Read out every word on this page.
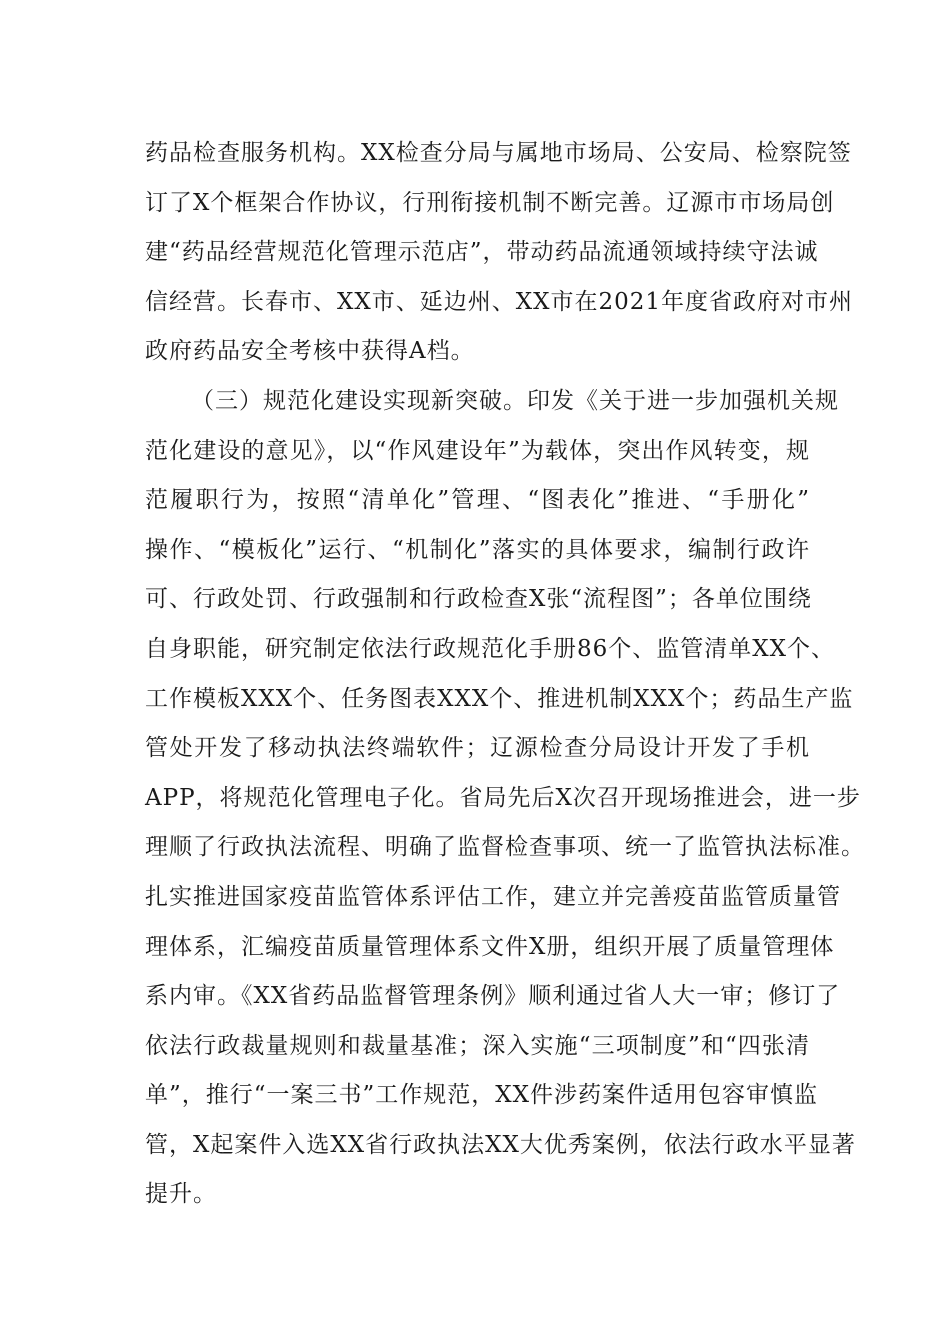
药品检查服务机构。XX检查分局与属地市场局、公安局、检察院签
订了X个框架合作协议，行刑衔接机制不断完善。辽源市市场局创
建“药品经营规范化管理示范店”，带动药品流通领域持续守法诚
信经营。长春市、XX市、延边州、XX市在2021年度省政府对市州
政府药品安全考核中获得A档。
（三）规范化建设实现新突破。印发《关于进一步加强机关规
范化建设的意见》，以“作风建设年”为载体，突出作风转变，规
范履职行为，按照“清单化”管理、“图表化”推进、“手册化”
操作、“模板化”运行、“机制化”落实的具体要求，编制行政许
可、行政处罚、行政强制和行政检查X张“流程图”；各单位围绕
自身职能，研究制定依法行政规范化手册86个、监管清单XX个、
工作模板XXX个、任务图表XXX个、推进机制XXX个；药品生产监
管处开发了移动执法终端软件；辽源检查分局设计开发了手机
APP，将规范化管理电子化。省局先后X次召开现场推进会，进一步
理顺了行政执法流程、明确了监督检查事项、统一了监管执法标准。
扎实推进国家疫苗监管体系评估工作，建立并完善疫苗监管质量管
理体系，汇编疫苗质量管理体系文件X册，组织开展了质量管理体
系内审。《XX省药品监督管理条例》顺利通过省人大一审；修订了
依法行政裁量规则和裁量基准；深入实施“三项制度”和“四张清
单”，推行“一案三书”工作规范，XX件涉药案件适用包容审慎监
管，X起案件入选XX省行政执法XX大优秀案例，依法行政水平显著
提升。
